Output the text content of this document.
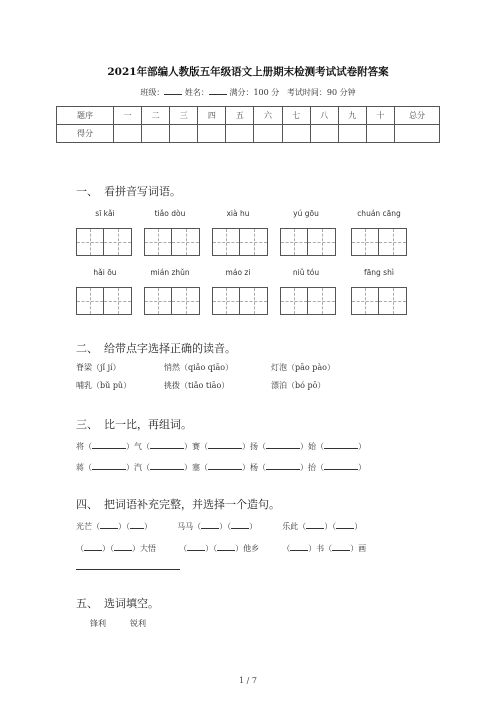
2021年部编人教版五年级语文上册期末检测考试试卷附答案
班级：	姓名：	满分：100 分 考试时间：90 分钟
题序	一	二	三	四	五	六	七	八	九	十	总分
得分											
一、 看拼音写词语。
sī kǎi	tiǎo dòu	xià hu	yú gōu	chuán cāng
hǎi ōu	mián zhǔn	máo zi	niǔ tóu	fāng shì
二、 给带点字选择正确的读音。
脊梁（jǐ jí）	悄然（qiǎo qiāo）	灯泡（pāo pào）
哺乳（bǔ pǔ）	挑拨（tiǎo tiāo）	漂泊（bó pō）
三、 比一比，再组词。
将（	）气（	）赛（	）扬（	）始（	）
蒋（	）汽（	）塞（	）杨（	）抬（	）
四、 把词语补充完整，并选择一个造句。
光芒（ ）（ ）	马马（ ）（ ）	乐此（ ）（ ）
（ ）（ ）大悟	（ ）（ ）他乡	（ ）书（ ）画
五、 选词填空。
锋利	锐利
1 / 7
